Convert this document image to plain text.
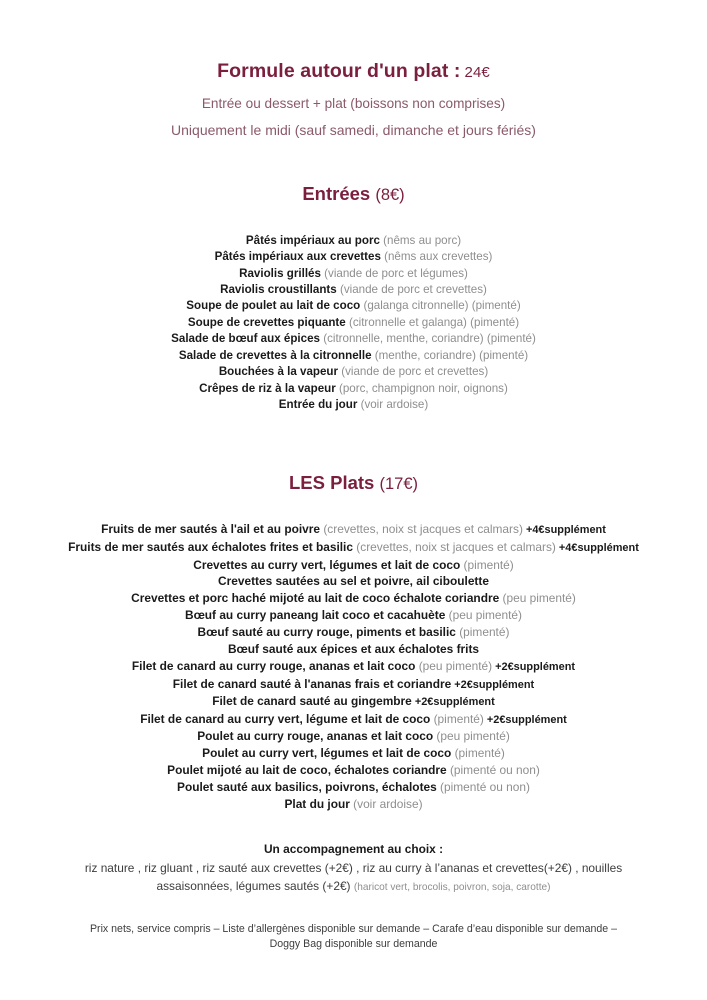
Formule autour d'un plat : 24€
Entrée ou dessert + plat (boissons non comprises)
Uniquement le midi (sauf samedi, dimanche et jours fériés)
Entrées (8€)
Pâtés impériaux au porc (nêms au porc)
Pâtés impériaux aux crevettes (nêms aux crevettes)
Raviolis grillés (viande de porc et légumes)
Raviolis croustillants (viande de porc et crevettes)
Soupe de poulet au lait de coco (galanga citronnelle) (pimenté)
Soupe de crevettes piquante (citronnelle et galanga) (pimenté)
Salade de bœuf aux épices (citronnelle, menthe, coriandre) (pimenté)
Salade de crevettes à la citronnelle (menthe, coriandre) (pimenté)
Bouchées à la vapeur (viande de porc et crevettes)
Crêpes de riz à la vapeur (porc, champignon noir, oignons)
Entrée du jour (voir ardoise)
LES Plats (17€)
Fruits de mer sautés à l'ail et au poivre (crevettes, noix st jacques et calmars) +4€supplément
Fruits de mer sautés aux échalotes frites et basilic (crevettes, noix st jacques et calmars) +4€supplément
Crevettes au curry vert, légumes et lait de coco (pimenté)
Crevettes sautées au sel et poivre, ail ciboulette
Crevettes et porc haché mijoté au lait de coco échalote coriandre (peu pimenté)
Bœuf au curry paneang lait coco et cacahuète (peu pimenté)
Bœuf sauté au curry rouge, piments et basilic (pimenté)
Bœuf sauté aux épices et aux échalotes frits
Filet de canard au curry rouge, ananas et lait coco (peu pimenté) +2€supplément
Filet de canard sauté à l'ananas frais et coriandre +2€supplément
Filet de canard sauté au gingembre +2€supplément
Filet de canard au curry vert, légume et lait de coco (pimenté) +2€supplément
Poulet au curry rouge, ananas et lait coco (peu pimenté)
Poulet au curry vert, légumes et lait de coco (pimenté)
Poulet mijoté au lait de coco, échalotes coriandre (pimenté ou non)
Poulet sauté aux basilics, poivrons, échalotes (pimenté ou non)
Plat du jour (voir ardoise)
Un accompagnement au choix :
riz nature , riz gluant , riz sauté aux crevettes (+2€) , riz au curry à l’ananas et crevettes(+2€) , nouilles assaisonnées, légumes sautés (+2€) (haricot vert, brocolis, poivron, soja, carotte)
Prix nets, service compris – Liste d’allergènes disponible sur demande – Carafe d’eau disponible sur demande – Doggy Bag disponible sur demande
